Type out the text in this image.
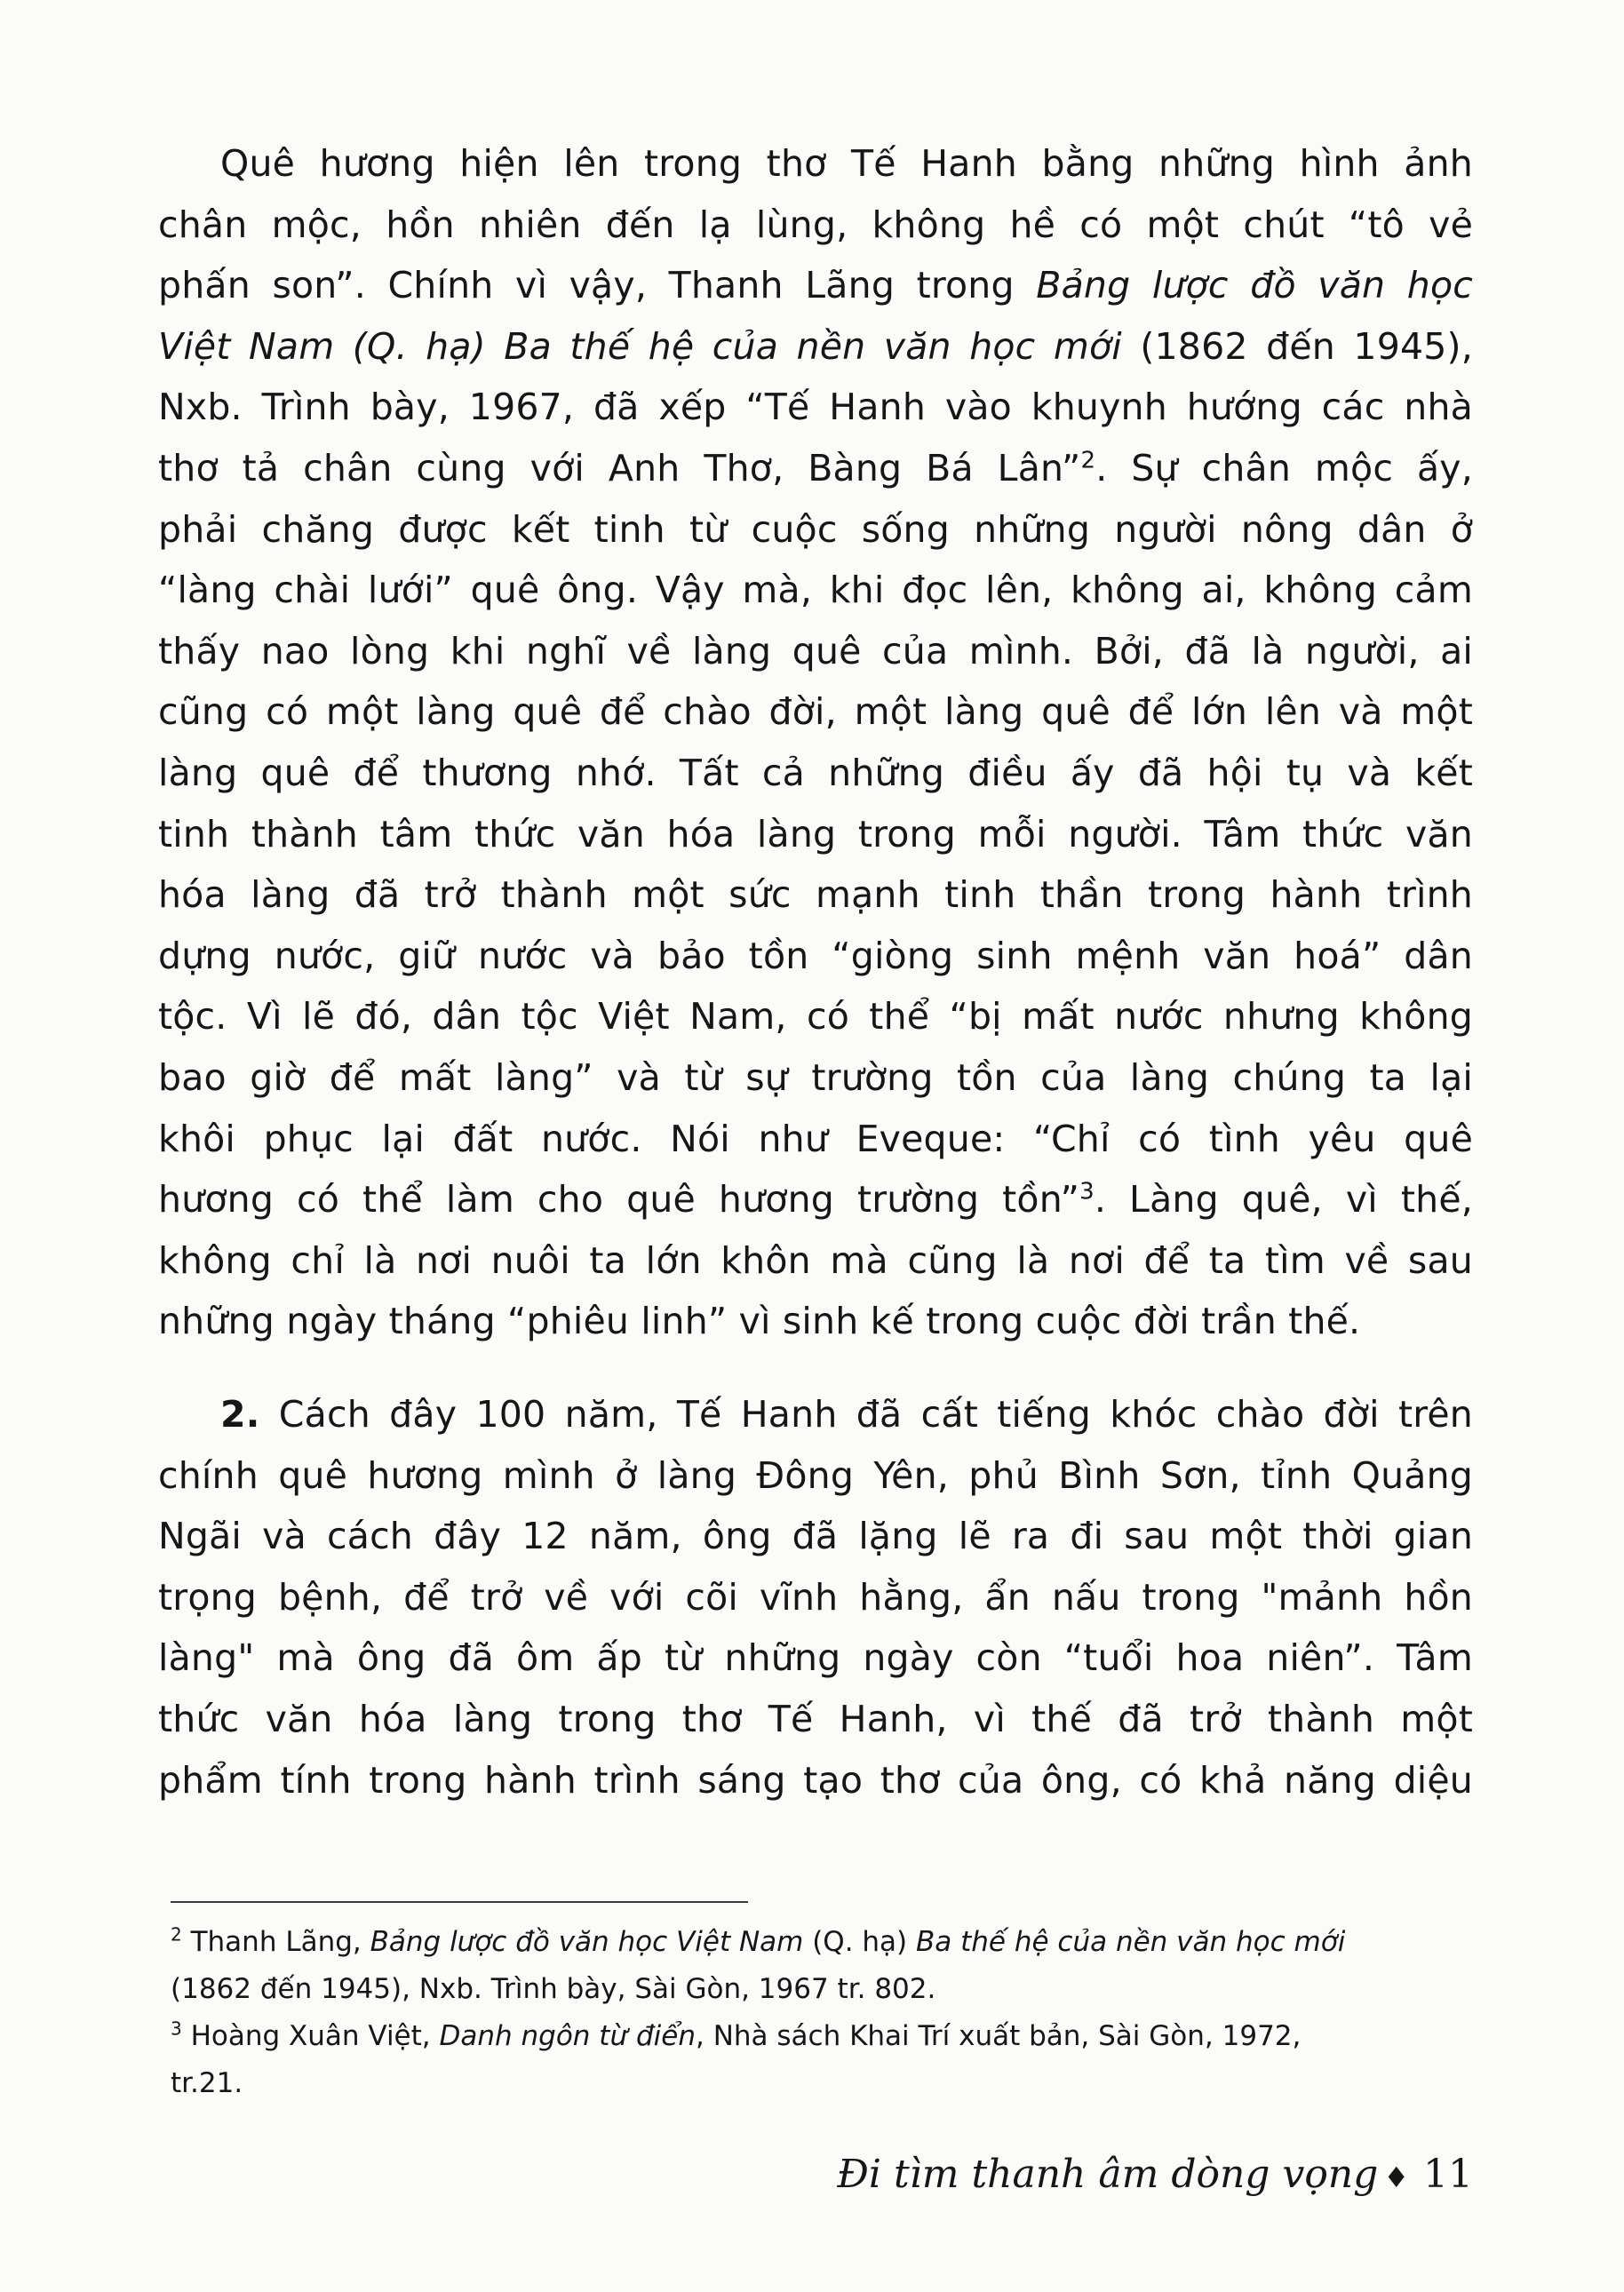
Quê hương hiện lên trong thơ Tế Hanh bằng những hình ảnh
chân mộc, hồn nhiên đến lạ lùng, không hề có một chút “tô vẻ
phấn son”. Chính vì vậy, Thanh Lãng trong Bảng lược đồ văn học
Việt Nam (Q. hạ) Ba thế hệ của nền văn học mới (1862 đến 1945),
Nxb. Trình bày, 1967, đã xếp “Tế Hanh vào khuynh hướng các nhà
thơ tả chân cùng với Anh Thơ, Bàng Bá Lân”$^2$. Sự chân mộc ấy,
phải chăng được kết tinh từ cuộc sống những người nông dân ở
“làng chài lưới” quê ông. Vậy mà, khi đọc lên, không ai, không cảm
thấy nao lòng khi nghĩ về làng quê của mình. Bởi, đã là người, ai
cũng có một làng quê để chào đời, một làng quê để lớn lên và một
làng quê để thương nhớ. Tất cả những điều ấy đã hội tụ và kết
tinh thành tâm thức văn hóa làng trong mỗi người. Tâm thức văn
hóa làng đã trở thành một sức mạnh tinh thần trong hành trình
dựng nước, giữ nước và bảo tồn “giòng sinh mệnh văn hoá” dân
tộc. Vì lẽ đó, dân tộc Việt Nam, có thể “bị mất nước nhưng không
bao giờ để mất làng” và từ sự trường tồn của làng chúng ta lại
khôi phục lại đất nước. Nói như Eveque: “Chỉ có tình yêu quê
hương có thể làm cho quê hương trường tồn”$^3$. Làng quê, vì thế,
không chỉ là nơi nuôi ta lớn khôn mà cũng là nơi để ta tìm về sau
những ngày tháng “phiêu linh” vì sinh kế trong cuộc đời trần thế.
2. Cách đây 100 năm, Tế Hanh đã cất tiếng khóc chào đời trên
chính quê hương mình ở làng Đông Yên, phủ Bình Sơn, tỉnh Quảng
Ngãi và cách đây 12 năm, ông đã lặng lẽ ra đi sau một thời gian
trọng bệnh, để trở về với cõi vĩnh hằng, ẩn nấu trong "mảnh hồn
làng" mà ông đã ôm ấp từ những ngày còn “tuổi hoa niên”. Tâm
thức văn hóa làng trong thơ Tế Hanh, vì thế đã trở thành một
phẩm tính trong hành trình sáng tạo thơ của ông, có khả năng diệu
$^2$ Thanh Lãng, Bảng lược đồ văn học Việt Nam (Q. hạ) Ba thế hệ của nền văn học mới
(1862 đến 1945), Nxb. Trình bày, Sài Gòn, 1967 tr. 802.
$^3$ Hoàng Xuân Việt, Danh ngôn từ điển, Nhà sách Khai Trí xuất bản, Sài Gòn, 1972,
tr.21.
Đi tìm thanh âm dòng vọng ♦ 11
